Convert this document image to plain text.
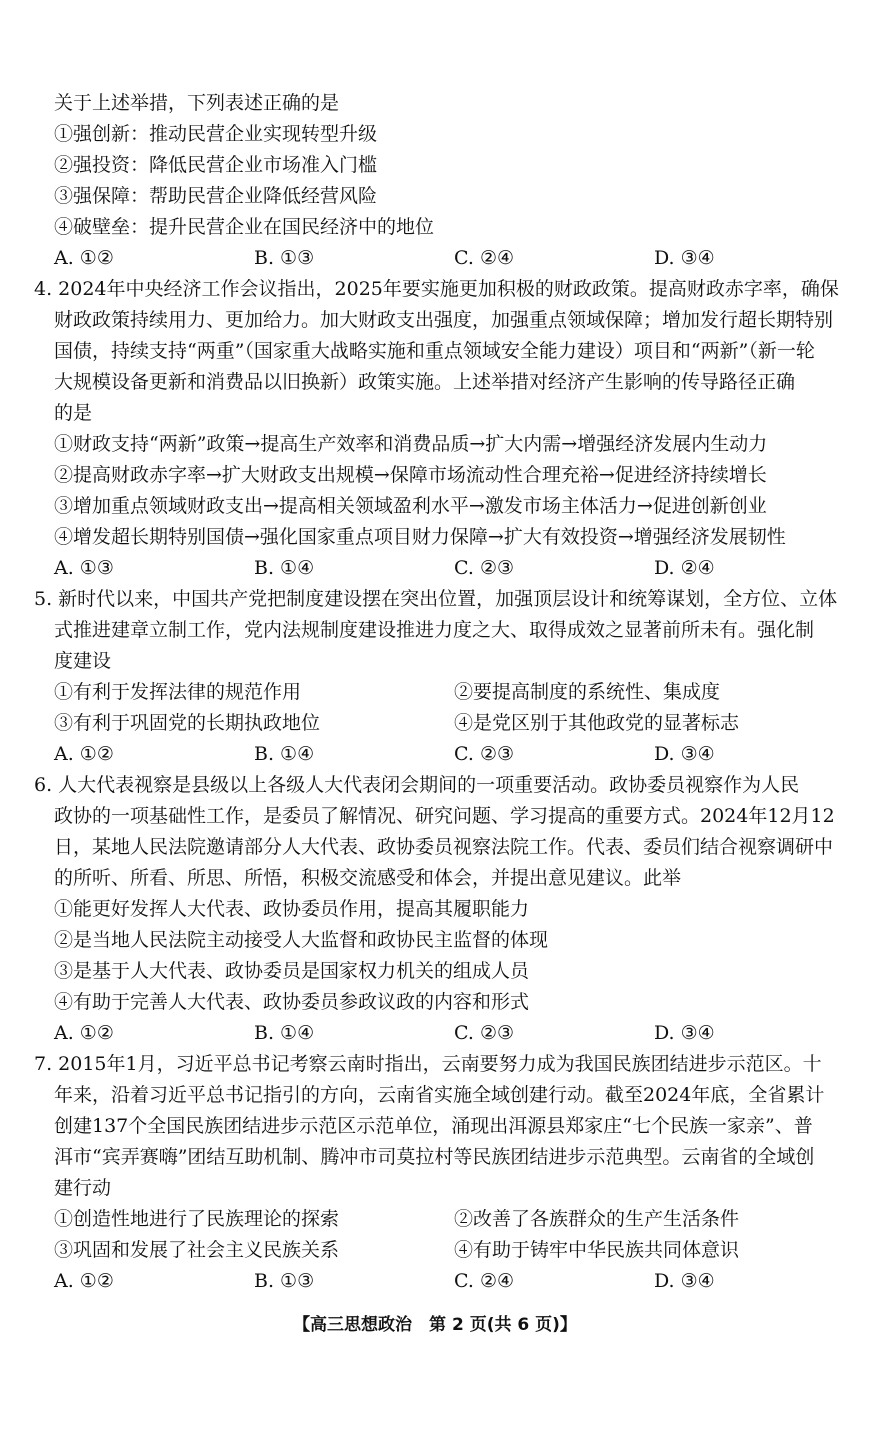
关于上述举措，下列表述正确的是
①强创新：推动民营企业实现转型升级
②强投资：降低民营企业市场准入门槛
③强保障：帮助民营企业降低经营风险
④破壁垒：提升民营企业在国民经济中的地位
A. ①②	B. ①③	C. ②④	D. ③④
4. 2024年中央经济工作会议指出，2025年要实施更加积极的财政政策。提高财政赤字率，确保
财政政策持续用力、更加给力。加大财政支出强度，加强重点领域保障；增加发行超长期特别
国债，持续支持“两重”（国家重大战略实施和重点领域安全能力建设）项目和“两新”（新一轮
大规模设备更新和消费品以旧换新）政策实施。上述举措对经济产生影响的传导路径正确
的是
①财政支持“两新”政策→提高生产效率和消费品质→扩大内需→增强经济发展内生动力
②提高财政赤字率→扩大财政支出规模→保障市场流动性合理充裕→促进经济持续增长
③增加重点领域财政支出→提高相关领域盈利水平→激发市场主体活力→促进创新创业
④增发超长期特别国债→强化国家重点项目财力保障→扩大有效投资→增强经济发展韧性
A. ①③	B. ①④	C. ②③	D. ②④
5. 新时代以来，中国共产党把制度建设摆在突出位置，加强顶层设计和统筹谋划，全方位、立体
式推进建章立制工作，党内法规制度建设推进力度之大、取得成效之显著前所未有。强化制
度建设
①有利于发挥法律的规范作用	②要提高制度的系统性、集成度
③有利于巩固党的长期执政地位	④是党区别于其他政党的显著标志
A. ①②	B. ①④	C. ②③	D. ③④
6. 人大代表视察是县级以上各级人大代表闭会期间的一项重要活动。政协委员视察作为人民
政协的一项基础性工作，是委员了解情况、研究问题、学习提高的重要方式。2024年12月12
日，某地人民法院邀请部分人大代表、政协委员视察法院工作。代表、委员们结合视察调研中
的所听、所看、所思、所悟，积极交流感受和体会，并提出意见建议。此举
①能更好发挥人大代表、政协委员作用，提高其履职能力
②是当地人民法院主动接受人大监督和政协民主监督的体现
③是基于人大代表、政协委员是国家权力机关的组成人员
④有助于完善人大代表、政协委员参政议政的内容和形式
A. ①②	B. ①④	C. ②③	D. ③④
7. 2015年1月，习近平总书记考察云南时指出，云南要努力成为我国民族团结进步示范区。十
年来，沿着习近平总书记指引的方向，云南省实施全域创建行动。截至2024年底，全省累计
创建137个全国民族团结进步示范区示范单位，涌现出洱源县郑家庄“七个民族一家亲”、普
洱市“宾弄赛嗨”团结互助机制、腾冲市司莫拉村等民族团结进步示范典型。云南省的全域创
建行动
①创造性地进行了民族理论的探索	②改善了各族群众的生产生活条件
③巩固和发展了社会主义民族关系	④有助于铸牢中华民族共同体意识
A. ①②	B. ①③	C. ②④	D. ③④
【高三思想政治　第 2 页(共 6 页)】
